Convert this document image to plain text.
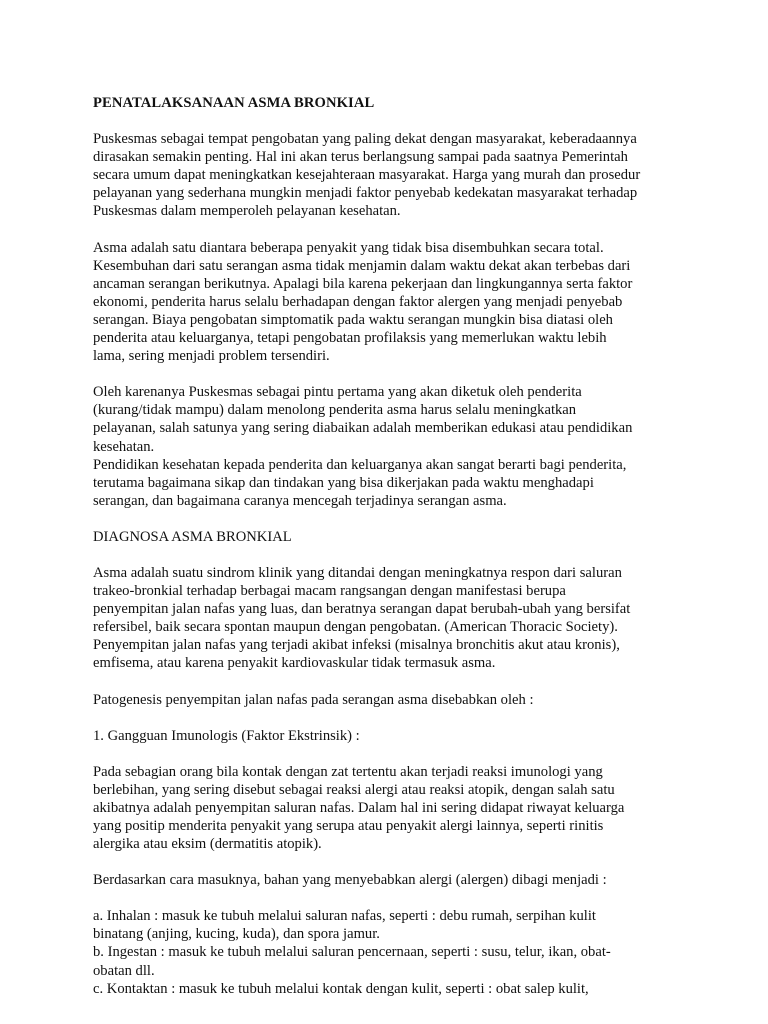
PENATALAKSANAAN ASMA BRONKIAL
Puskesmas sebagai tempat pengobatan yang paling dekat dengan masyarakat, keberadaannya
dirasakan semakin penting. Hal ini akan terus berlangsung sampai pada saatnya Pemerintah
secara umum dapat meningkatkan kesejahteraan masyarakat. Harga yang murah dan prosedur
pelayanan yang sederhana mungkin menjadi faktor penyebab kedekatan masyarakat terhadap
Puskesmas dalam memperoleh pelayanan kesehatan.
Asma adalah satu diantara beberapa penyakit yang tidak bisa disembuhkan secara total.
Kesembuhan dari satu serangan asma tidak menjamin dalam waktu dekat akan terbebas dari
ancaman serangan berikutnya. Apalagi bila karena pekerjaan dan lingkungannya serta faktor
ekonomi, penderita harus selalu berhadapan dengan faktor alergen yang menjadi penyebab
serangan. Biaya pengobatan simptomatik pada waktu serangan mungkin bisa diatasi oleh
penderita atau keluarganya, tetapi pengobatan profilaksis yang memerlukan waktu lebih
lama, sering menjadi problem tersendiri.
Oleh karenanya Puskesmas sebagai pintu pertama yang akan diketuk oleh penderita
(kurang/tidak mampu) dalam menolong penderita asma harus selalu meningkatkan
pelayanan, salah satunya yang sering diabaikan adalah memberikan edukasi atau pendidikan
kesehatan.
Pendidikan kesehatan kepada penderita dan keluarganya akan sangat berarti bagi penderita,
terutama bagaimana sikap dan tindakan yang bisa dikerjakan pada waktu menghadapi
serangan, dan bagaimana caranya mencegah terjadinya serangan asma.
DIAGNOSA ASMA BRONKIAL
Asma adalah suatu sindrom klinik yang ditandai dengan meningkatnya respon dari saluran
trakeo-bronkial terhadap berbagai macam rangsangan dengan manifestasi berupa
penyempitan jalan nafas yang luas, dan beratnya serangan dapat berubah-ubah yang bersifat
refersibel, baik secara spontan maupun dengan pengobatan. (American Thoracic Society).
Penyempitan jalan nafas yang terjadi akibat infeksi (misalnya bronchitis akut atau kronis),
emfisema, atau karena penyakit kardiovaskular tidak termasuk asma.
Patogenesis penyempitan jalan nafas pada serangan asma disebabkan oleh :
1. Gangguan Imunologis (Faktor Ekstrinsik) :
Pada sebagian orang bila kontak dengan zat tertentu akan terjadi reaksi imunologi yang
berlebihan, yang sering disebut sebagai reaksi alergi atau reaksi atopik, dengan salah satu
akibatnya adalah penyempitan saluran nafas. Dalam hal ini sering didapat riwayat keluarga
yang positip menderita penyakit yang serupa atau penyakit alergi lainnya, seperti rinitis
alergika atau eksim (dermatitis atopik).
Berdasarkan cara masuknya, bahan yang menyebabkan alergi (alergen) dibagi menjadi :
a. Inhalan : masuk ke tubuh melalui saluran nafas, seperti : debu rumah, serpihan kulit
binatang (anjing, kucing, kuda), dan spora jamur.
b. Ingestan : masuk ke tubuh melalui saluran pencernaan, seperti : susu, telur, ikan, obat-
obatan dll.
c. Kontaktan : masuk ke tubuh melalui kontak dengan kulit, seperti : obat salep kulit,
